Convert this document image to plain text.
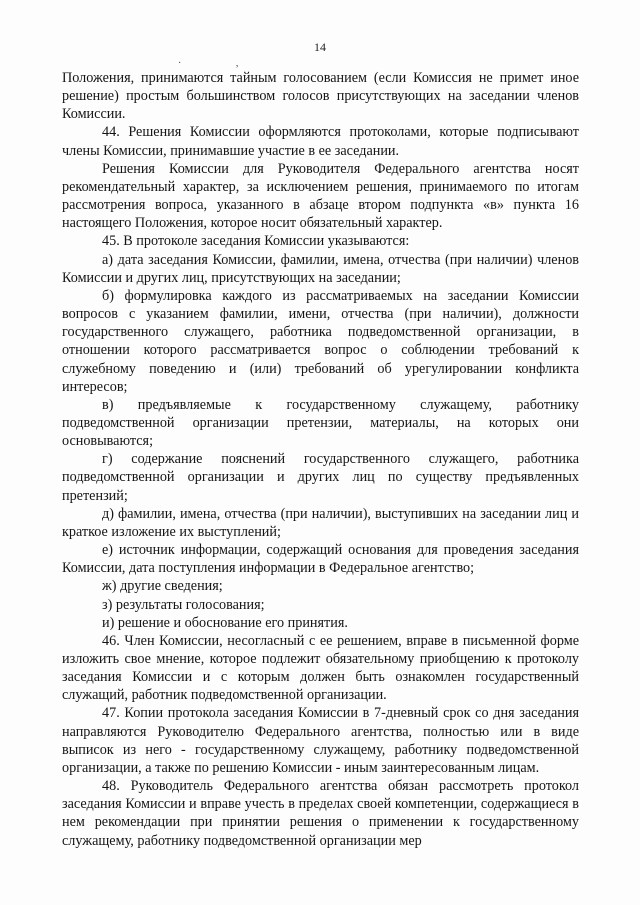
14
· ,

Положения, принимаются тайным голосованием (если Комиссия не примет иное решение) простым большинством голосов присутствующих на заседании членов Комиссии.

44. Решения Комиссии оформляются протоколами, которые подписывают члены Комиссии, принимавшие участие в ее заседании.

Решения Комиссии для Руководителя Федерального агентства носят рекомендательный характер, за исключением решения, принимаемого по итогам рассмотрения вопроса, указанного в абзаце втором подпункта «в» пункта 16 настоящего Положения, которое носит обязательный характер.

45. В протоколе заседания Комиссии указываются:

а) дата заседания Комиссии, фамилии, имена, отчества (при наличии) членов Комиссии и других лиц, присутствующих на заседании;

б) формулировка каждого из рассматриваемых на заседании Комиссии вопросов с указанием фамилии, имени, отчества (при наличии), должности государственного служащего, работника подведомственной организации, в отношении которого рассматривается вопрос о соблюдении требований к служебному поведению и (или) требований об урегулировании конфликта интересов;

в) предъявляемые к государственному служащему, работнику подведомственной организации претензии, материалы, на которых они основываются;

г) содержание пояснений государственного служащего, работника подведомственной организации и других лиц по существу предъявленных претензий;

д) фамилии, имена, отчества (при наличии), выступивших на заседании лиц и краткое изложение их выступлений;

е) источник информации, содержащий основания для проведения заседания Комиссии, дата поступления информации в Федеральное агентство;

ж) другие сведения;

з) результаты голосования;

и) решение и обоснование его принятия.

46. Член Комиссии, несогласный с ее решением, вправе в письменной форме изложить свое мнение, которое подлежит обязательному приобщению к протоколу заседания Комиссии и с которым должен быть ознакомлен государственный служащий, работник подведомственной организации.

47. Копии протокола заседания Комиссии в 7-дневный срок со дня заседания направляются Руководителю Федерального агентства, полностью или в виде выписок из него - государственному служащему, работнику подведомственной организации, а также по решению Комиссии - иным заинтересованным лицам.

48. Руководитель Федерального агентства обязан рассмотреть протокол заседания Комиссии и вправе учесть в пределах своей компетенции, содержащиеся в нем рекомендации при принятии решения о применении к государственному служащему, работнику подведомственной организации мер
